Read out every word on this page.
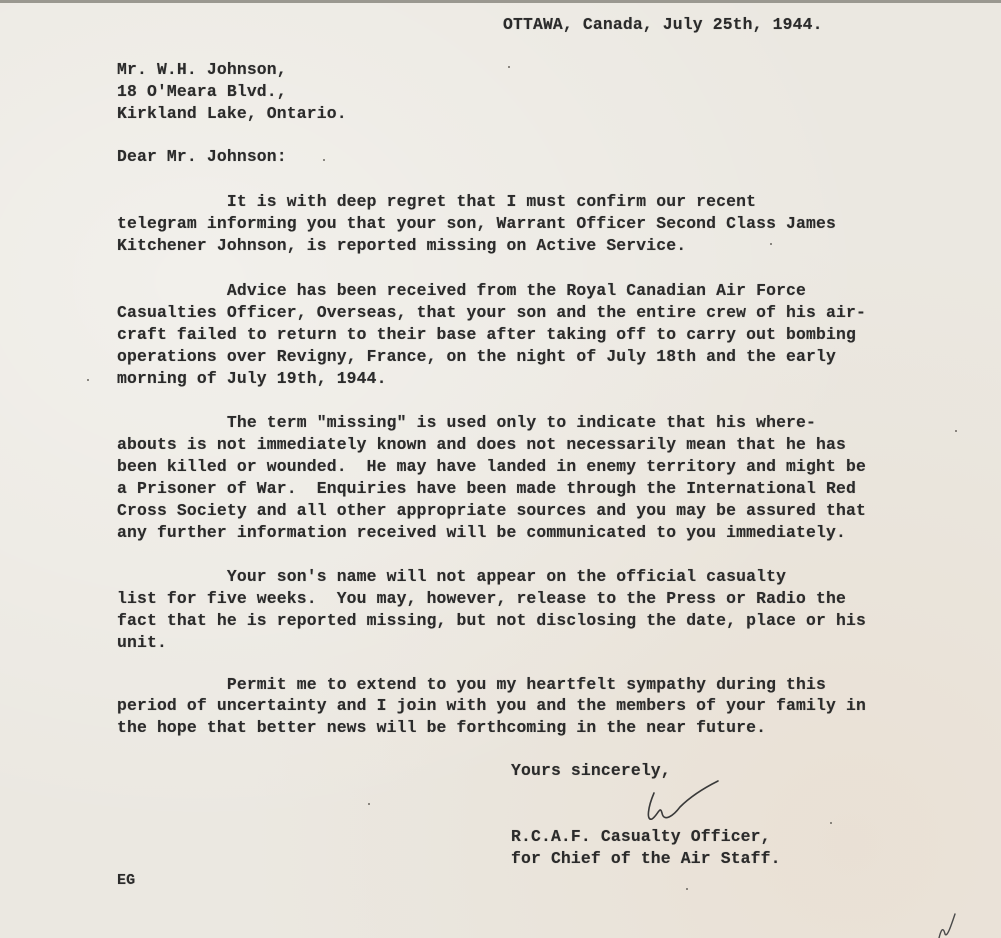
OTTAWA, Canada, July 25th, 1944.
Mr. W.H. Johnson,
18 O'Meara Blvd.,
Kirkland Lake, Ontario.
Dear Mr. Johnson:
It is with deep regret that I must confirm our recent
telegram informing you that your son, Warrant Officer Second Class James
Kitchener Johnson, is reported missing on Active Service.
Advice has been received from the Royal Canadian Air Force
Casualties Officer, Overseas, that your son and the entire crew of his air-
craft failed to return to their base after taking off to carry out bombing
operations over Revigny, France, on the night of July 18th and the early
morning of July 19th, 1944.
The term "missing" is used only to indicate that his where-
abouts is not immediately known and does not necessarily mean that he has
been killed or wounded.  He may have landed in enemy territory and might be
a Prisoner of War.  Enquiries have been made through the International Red
Cross Society and all other appropriate sources and you may be assured that
any further information received will be communicated to you immediately.
Your son's name will not appear on the official casualty
list for five weeks.  You may, however, release to the Press or Radio the
fact that he is reported missing, but not disclosing the date, place or his
unit.
Permit me to extend to you my heartfelt sympathy during this
period of uncertainty and I join with you and the members of your family in
the hope that better news will be forthcoming in the near future.
Yours sincerely,
R.C.A.F. Casualty Officer,
for Chief of the Air Staff.
EG
